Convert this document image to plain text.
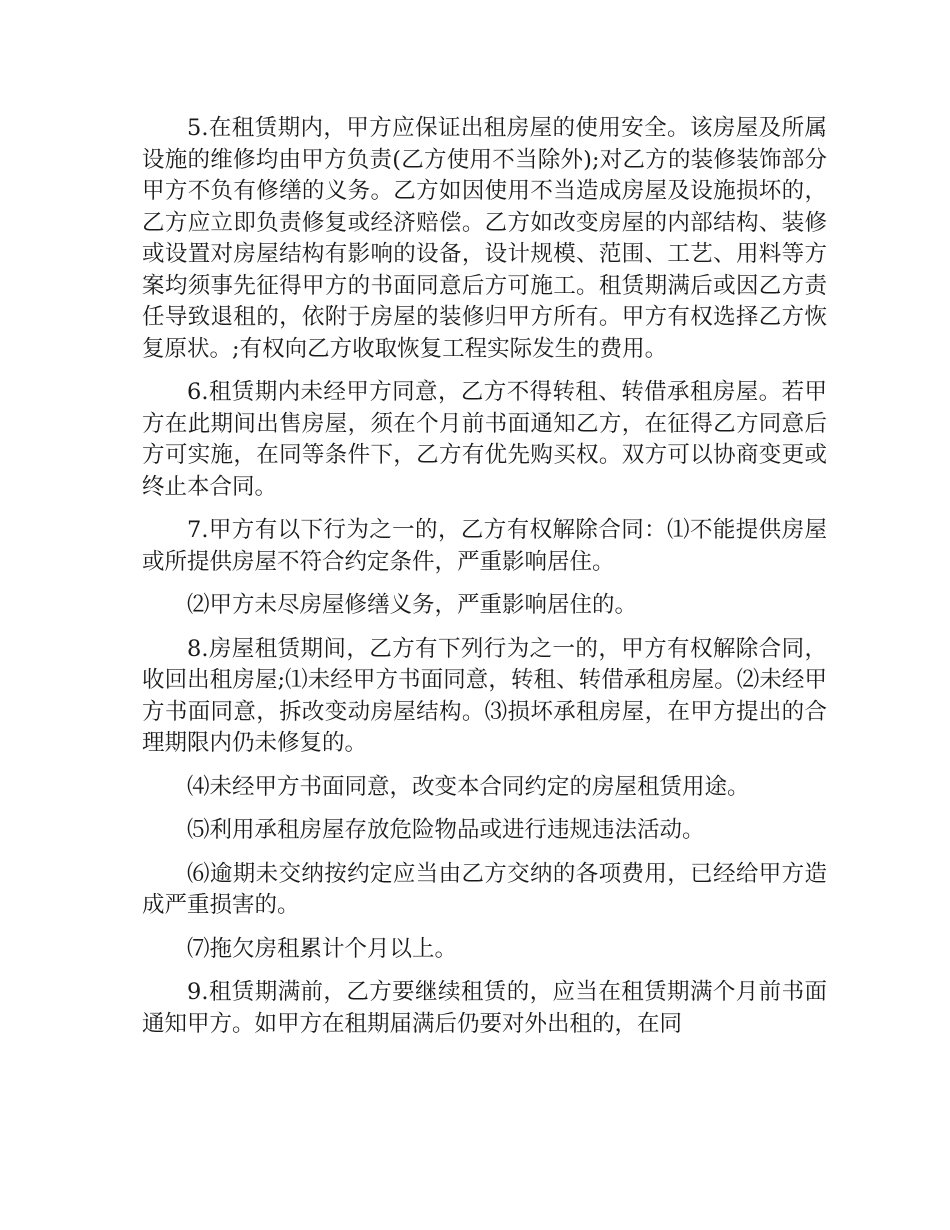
5.在租赁期内，甲方应保证出租房屋的使用安全。该房屋及所属设施的维修均由甲方负责(乙方使用不当除外);对乙方的装修装饰部分甲方不负有修缮的义务。乙方如因使用不当造成房屋及设施损坏的，乙方应立即负责修复或经济赔偿。乙方如改变房屋的内部结构、装修或设置对房屋结构有影响的设备，设计规模、范围、工艺、用料等方案均须事先征得甲方的书面同意后方可施工。租赁期满后或因乙方责任导致退租的，依附于房屋的装修归甲方所有。甲方有权选择乙方恢复原状。;有权向乙方收取恢复工程实际发生的费用。

6.租赁期内未经甲方同意，乙方不得转租、转借承租房屋。若甲方在此期间出售房屋，须在个月前书面通知乙方，在征得乙方同意后方可实施，在同等条件下，乙方有优先购买权。双方可以协商变更或终止本合同。

7.甲方有以下行为之一的，乙方有权解除合同：⑴不能提供房屋或所提供房屋不符合约定条件，严重影响居住。

⑵甲方未尽房屋修缮义务，严重影响居住的。

8.房屋租赁期间，乙方有下列行为之一的，甲方有权解除合同，收回出租房屋;⑴未经甲方书面同意，转租、转借承租房屋。⑵未经甲方书面同意，拆改变动房屋结构。⑶损坏承租房屋，在甲方提出的合理期限内仍未修复的。

⑷未经甲方书面同意，改变本合同约定的房屋租赁用途。

⑸利用承租房屋存放危险物品或进行违规违法活动。

⑹逾期未交纳按约定应当由乙方交纳的各项费用，已经给甲方造成严重损害的。

⑺拖欠房租累计个月以上。

9.租赁期满前，乙方要继续租赁的，应当在租赁期满个月前书面通知甲方。如甲方在租期届满后仍要对外出租的，在同
